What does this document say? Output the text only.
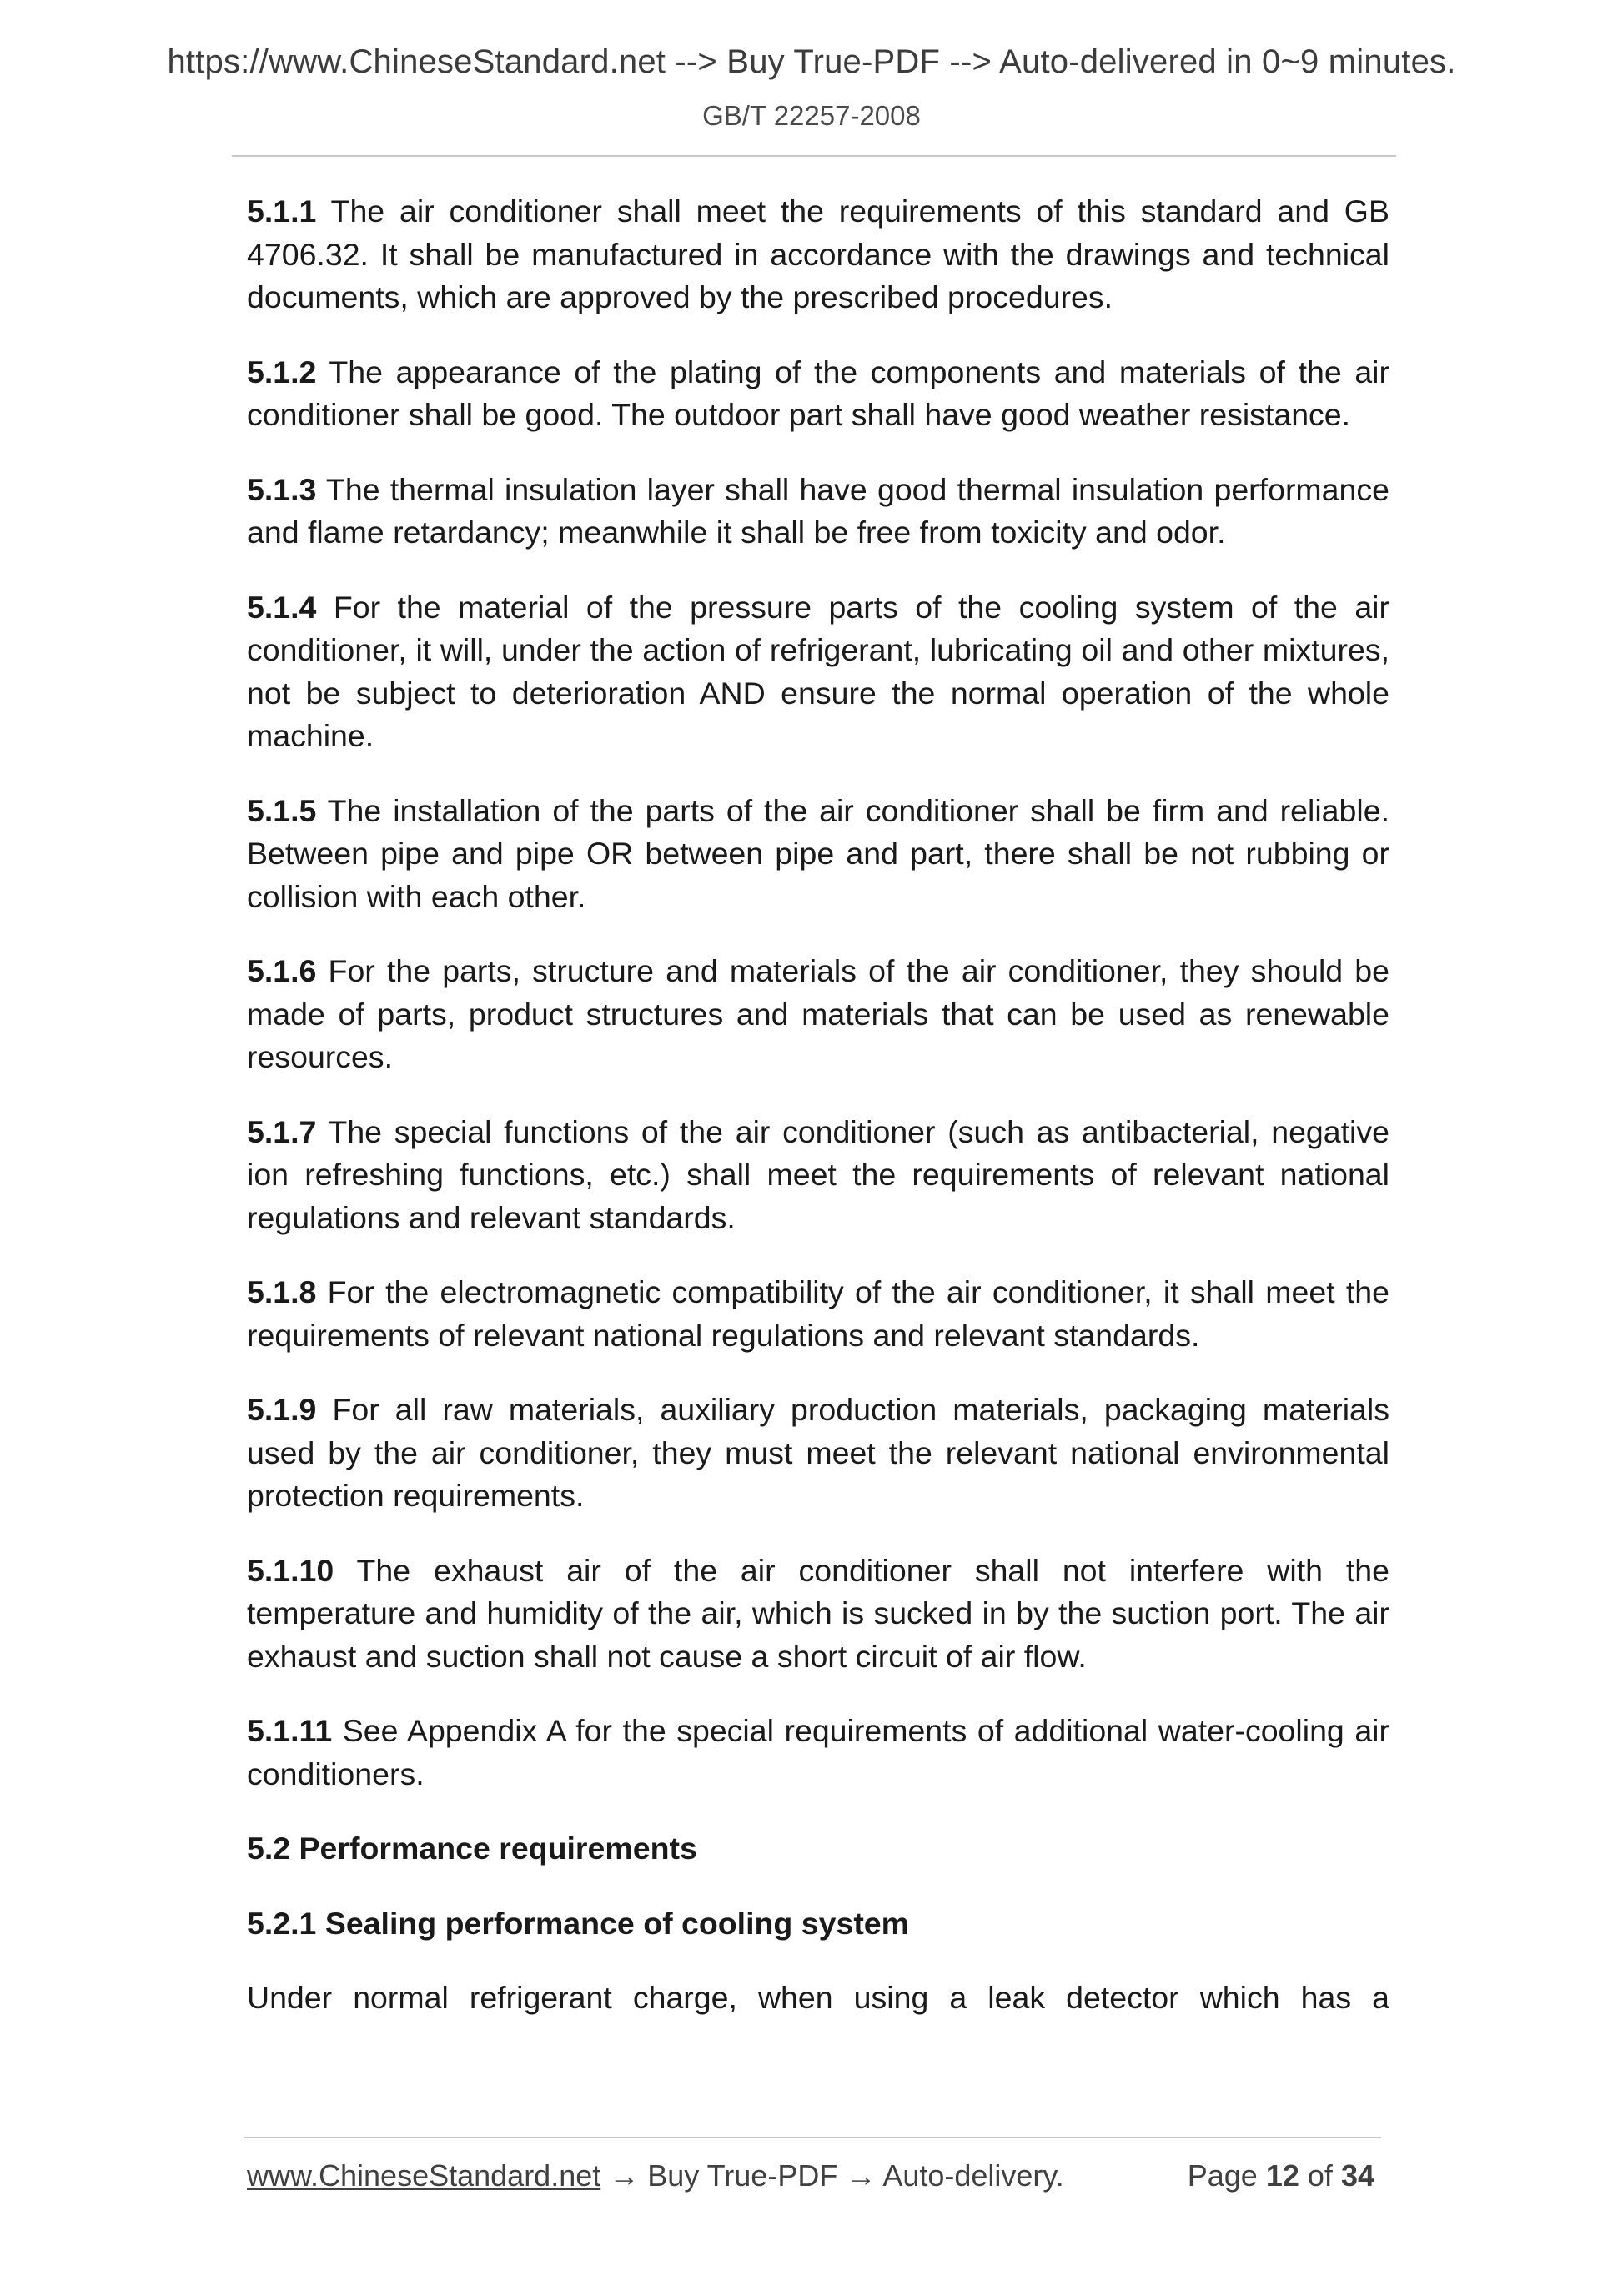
https://www.ChineseStandard.net --> Buy True-PDF --> Auto-delivered in 0~9 minutes.
GB/T 22257-2008

5.1.1 The air conditioner shall meet the requirements of this standard and GB 4706.32. It shall be manufactured in accordance with the drawings and technical documents, which are approved by the prescribed procedures.

5.1.2 The appearance of the plating of the components and materials of the air conditioner shall be good. The outdoor part shall have good weather resistance.

5.1.3 The thermal insulation layer shall have good thermal insulation performance and flame retardancy; meanwhile it shall be free from toxicity and odor.

5.1.4 For the material of the pressure parts of the cooling system of the air conditioner, it will, under the action of refrigerant, lubricating oil and other mixtures, not be subject to deterioration AND ensure the normal operation of the whole machine.

5.1.5 The installation of the parts of the air conditioner shall be firm and reliable. Between pipe and pipe OR between pipe and part, there shall be not rubbing or collision with each other.

5.1.6 For the parts, structure and materials of the air conditioner, they should be made of parts, product structures and materials that can be used as renewable resources.

5.1.7 The special functions of the air conditioner (such as antibacterial, negative ion refreshing functions, etc.) shall meet the requirements of relevant national regulations and relevant standards.

5.1.8 For the electromagnetic compatibility of the air conditioner, it shall meet the requirements of relevant national regulations and relevant standards.

5.1.9 For all raw materials, auxiliary production materials, packaging materials used by the air conditioner, they must meet the relevant national environmental protection requirements.

5.1.10 The exhaust air of the air conditioner shall not interfere with the temperature and humidity of the air, which is sucked in by the suction port. The air exhaust and suction shall not cause a short circuit of air flow.

5.1.11 See Appendix A for the special requirements of additional water-cooling air conditioners.

5.2 Performance requirements

5.2.1 Sealing performance of cooling system

Under normal refrigerant charge, when using a leak detector which has a

www.ChineseStandard.net → Buy True-PDF → Auto-delivery.	Page 12 of 34
